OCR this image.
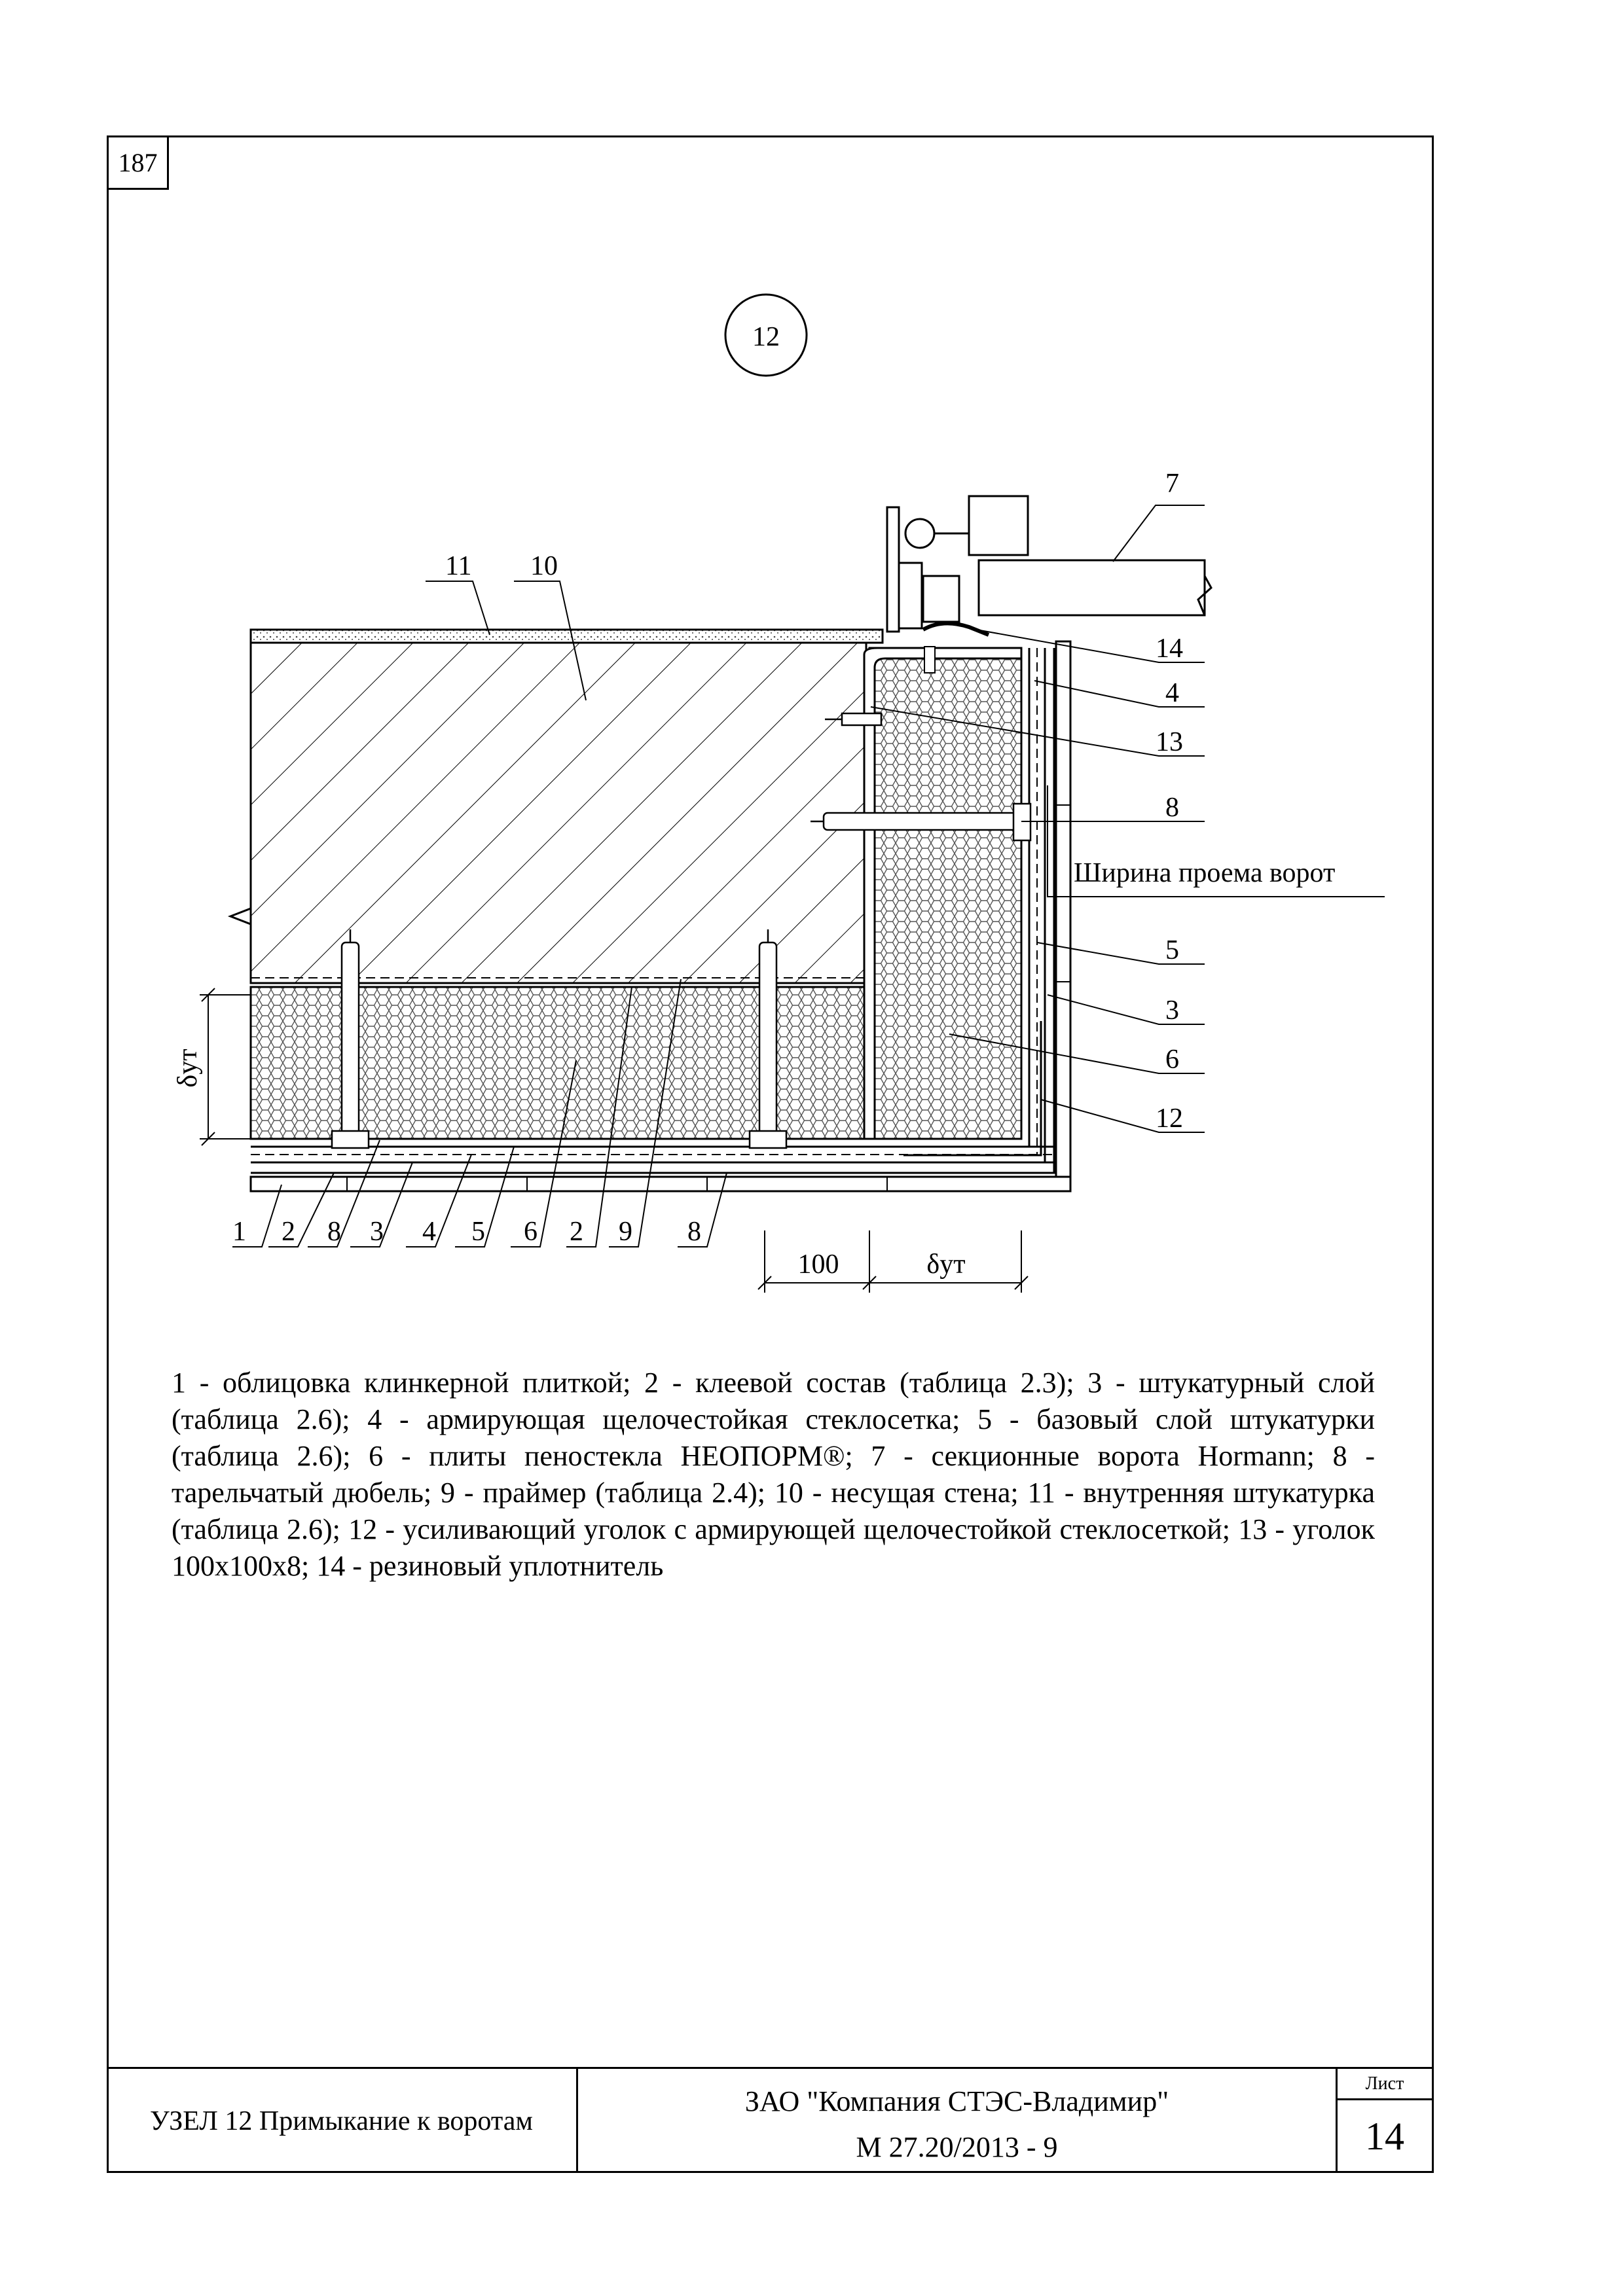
187
12
δут
100	δут
7
14
4
13
8
Ширина проема ворот
5
3
6
12
11 10
1 2 8 3 4 5 6 2 9 8
1 - облицовка клинкерной плиткой; 2 - клеевой состав (таблица 2.3); 3 - штукатурный слой (таблица 2.6); 4 - армирующая щелочестойкая стеклосетка; 5 - базовый слой штукатурки (таблица 2.6); 6 - плиты пеностекла НЕОПОРМ®; 7 - секционные ворота Hormann; 8 - тарельчатый дюбель; 9 - праймер (таблица 2.4); 10 - несущая стена; 11 - внутренняя штукатурка (таблица 2.6); 12 - усиливающий уголок с армирующей щелочестойкой стеклосеткой; 13 - уголок 100х100х8; 14 - резиновый уплотнитель
УЗЕЛ 12 Примыкание к воротам
ЗАО "Компания СТЭС-Владимир"
М 27.20/2013 - 9
Лист
14
